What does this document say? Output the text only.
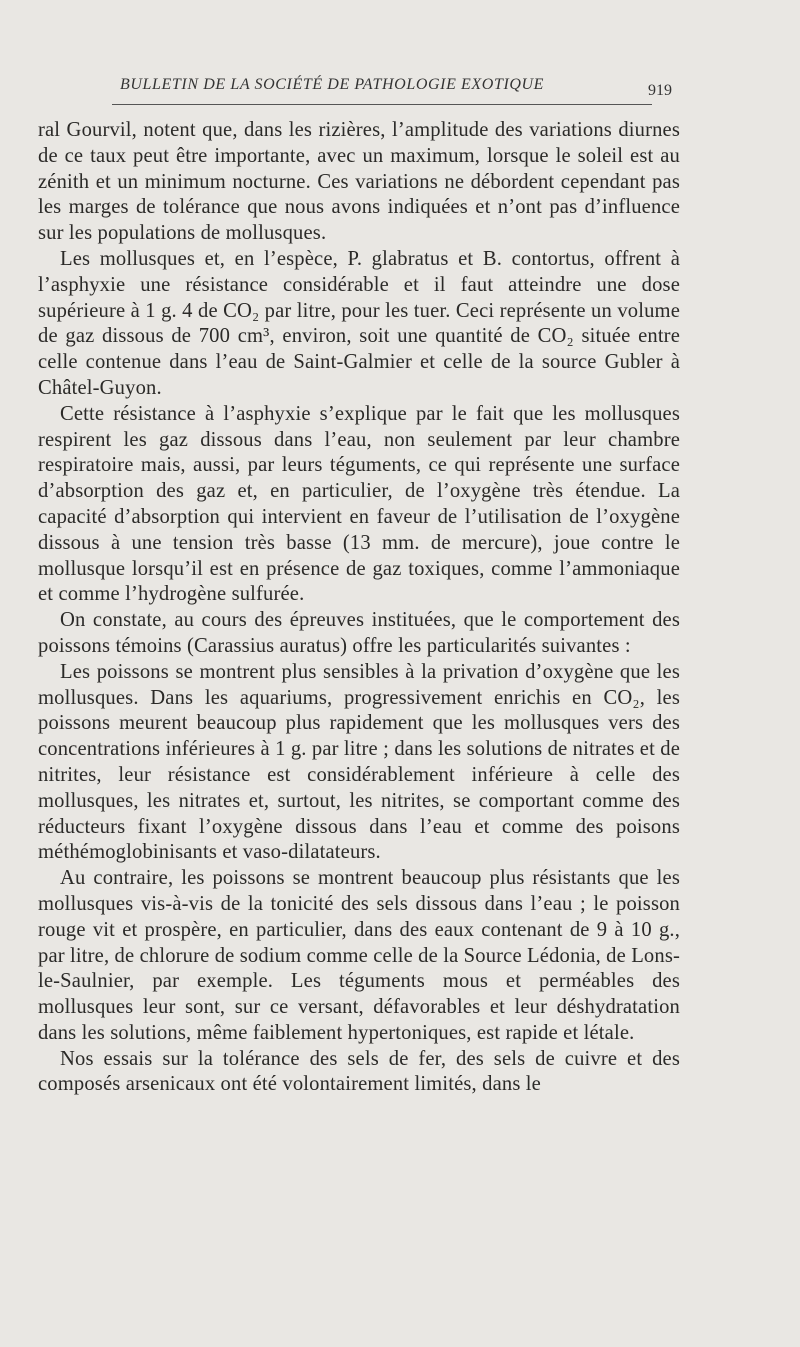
BULLETIN DE LA SOCIÉTÉ DE PATHOLOGIE EXOTIQUE	919

ral Gourvil, notent que, dans les rizières, l’amplitude des variations diurnes de ce taux peut être importante, avec un maximum, lorsque le soleil est au zénith et un minimum nocturne. Ces variations ne débordent cependant pas les marges de tolérance que nous avons indiquées et n’ont pas d’influence sur les populations de mollusques.

Les mollusques et, en l’espèce, P. glabratus et B. contortus, offrent à l’asphyxie une résistance considérable et il faut atteindre une dose supérieure à 1 g. 4 de CO₂ par litre, pour les tuer. Ceci représente un volume de gaz dissous de 700 cm³, environ, soit une quantité de CO₂ située entre celle contenue dans l’eau de Saint-Galmier et celle de la source Gubler à Châtel-Guyon.

Cette résistance à l’asphyxie s’explique par le fait que les mollusques respirent les gaz dissous dans l’eau, non seulement par leur chambre respiratoire mais, aussi, par leurs téguments, ce qui représente une surface d’absorption des gaz et, en particulier, de l’oxygène très étendue. La capacité d’absorption qui intervient en faveur de l’utilisation de l’oxygène dissous à une tension très basse (13 mm. de mercure), joue contre le mollusque lorsqu’il est en présence de gaz toxiques, comme l’ammoniaque et comme l’hydrogène sulfurée.

On constate, au cours des épreuves instituées, que le comportement des poissons témoins (Carassius auratus) offre les particularités suivantes :

Les poissons se montrent plus sensibles à la privation d’oxygène que les mollusques. Dans les aquariums, progressivement enrichis en CO₂, les poissons meurent beaucoup plus rapidement que les mollusques vers des concentrations inférieures à 1 g. par litre ; dans les solutions de nitrates et de nitrites, leur résistance est considérablement inférieure à celle des mollusques, les nitrates et, surtout, les nitrites, se comportant comme des réducteurs fixant l’oxygène dissous dans l’eau et comme des poisons méthémoglobinisants et vaso-dilatateurs.

Au contraire, les poissons se montrent beaucoup plus résistants que les mollusques vis-à-vis de la tonicité des sels dissous dans l’eau ; le poisson rouge vit et prospère, en particulier, dans des eaux contenant de 9 à 10 g., par litre, de chlorure de sodium comme celle de la Source Lédonia, de Lons-le-Saulnier, par exemple. Les téguments mous et perméables des mollusques leur sont, sur ce versant, défavorables et leur déshydratation dans les solutions, même faiblement hypertoniques, est rapide et létale.

Nos essais sur la tolérance des sels de fer, des sels de cuivre et des composés arsenicaux ont été volontairement limités, dans le
